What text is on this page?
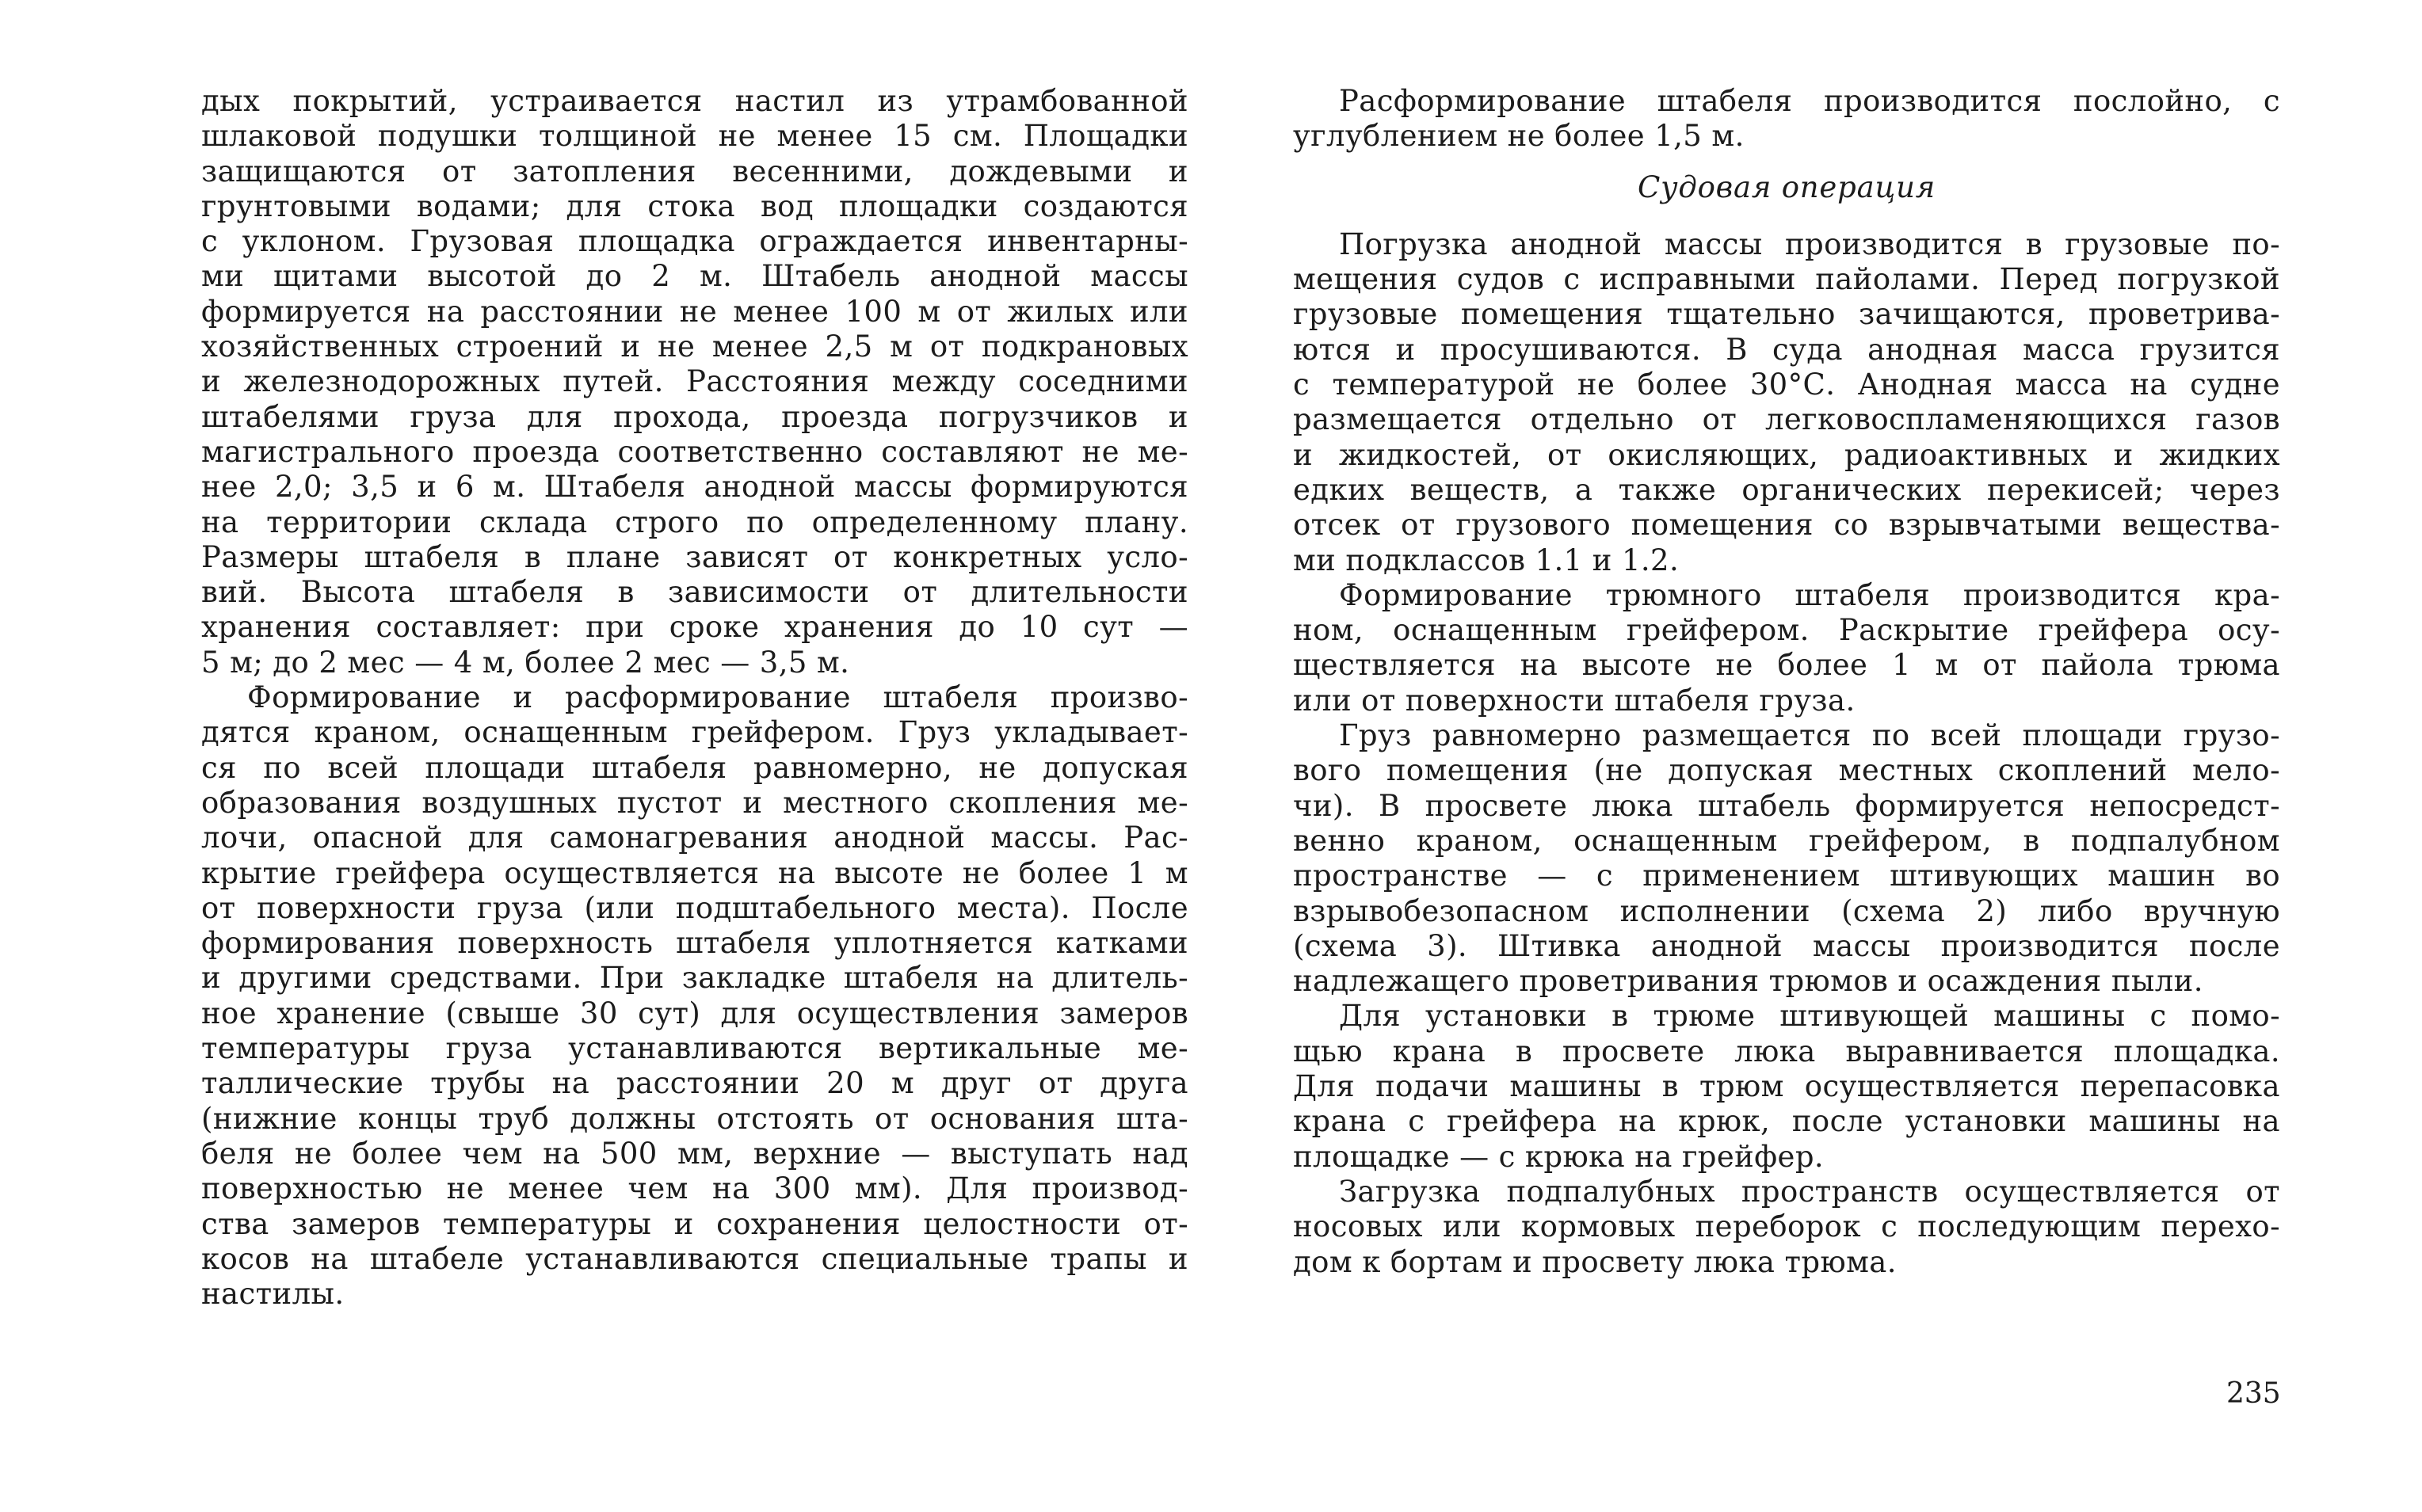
дых покрытий, устраивается настил из утрамбованной
шлаковой подушки толщиной не менее 15 см. Площадки
защищаются от затопления весенними, дождевыми и
грунтовыми водами; для стока вод площадки создаются
с уклоном. Грузовая площадка ограждается инвентарны-
ми щитами высотой до 2 м. Штабель анодной массы
формируется на расстоянии не менее 100 м от жилых или
хозяйственных строений и не менее 2,5 м от подкрановых
и железнодорожных путей. Расстояния между соседними
штабелями груза для прохода, проезда погрузчиков и
магистрального проезда соответственно составляют не ме-
нее 2,0; 3,5 и 6 м. Штабеля анодной массы формируются
на территории склада строго по определенному плану.
Размеры штабеля в плане зависят от конкретных усло-
вий. Высота штабеля в зависимости от длительности
хранения составляет: при сроке хранения до 10 сут —
5 м; до 2 мес — 4 м, более 2 мес — 3,5 м.
Формирование и расформирование штабеля произво-
дятся краном, оснащенным грейфером. Груз укладывает-
ся по всей площади штабеля равномерно, не допуская
образования воздушных пустот и местного скопления ме-
лочи, опасной для самонагревания анодной массы. Рас-
крытие грейфера осуществляется на высоте не более 1 м
от поверхности груза (или подштабельного места). После
формирования поверхность штабеля уплотняется катками
и другими средствами. При закладке штабеля на длитель-
ное хранение (свыше 30 сут) для осуществления замеров
температуры груза устанавливаются вертикальные ме-
таллические трубы на расстоянии 20 м друг от друга
(нижние концы труб должны отстоять от основания шта-
беля не более чем на 500 мм, верхние — выступать над
поверхностью не менее чем на 300 мм). Для производ-
ства замеров температуры и сохранения целостности от-
косов на штабеле устанавливаются специальные трапы и
настилы.
Расформирование штабеля производится послойно, с
углублением не более 1,5 м.
Судовая операция
Погрузка анодной массы производится в грузовые по-
мещения судов с исправными пайолами. Перед погрузкой
грузовые помещения тщательно зачищаются, проветрива-
ются и просушиваются. В суда анодная масса грузится
с температурой не более 30°С. Анодная масса на судне
размещается отдельно от легковоспламеняющихся газов
и жидкостей, от окисляющих, радиоактивных и жидких
едких веществ, а также органических перекисей; через
отсек от грузового помещения со взрывчатыми вещества-
ми подклассов 1.1 и 1.2.
Формирование трюмного штабеля производится кра-
ном, оснащенным грейфером. Раскрытие грейфера осу-
ществляется на высоте не более 1 м от пайола трюма
или от поверхности штабеля груза.
Груз равномерно размещается по всей площади грузо-
вого помещения (не допуская местных скоплений мело-
чи). В просвете люка штабель формируется непосредст-
венно краном, оснащенным грейфером, в подпалубном
пространстве — с применением штивующих машин во
взрывобезопасном исполнении (схема 2) либо вручную
(схема 3). Штивка анодной массы производится после
надлежащего проветривания трюмов и осаждения пыли.
Для установки в трюме штивующей машины с помо-
щью крана в просвете люка выравнивается площадка.
Для подачи машины в трюм осуществляется перепасовка
крана с грейфера на крюк, после установки машины на
площадке — с крюка на грейфер.
Загрузка подпалубных пространств осуществляется от
носовых или кормовых переборок с последующим перехо-
дом к бортам и просвету люка трюма.
235
